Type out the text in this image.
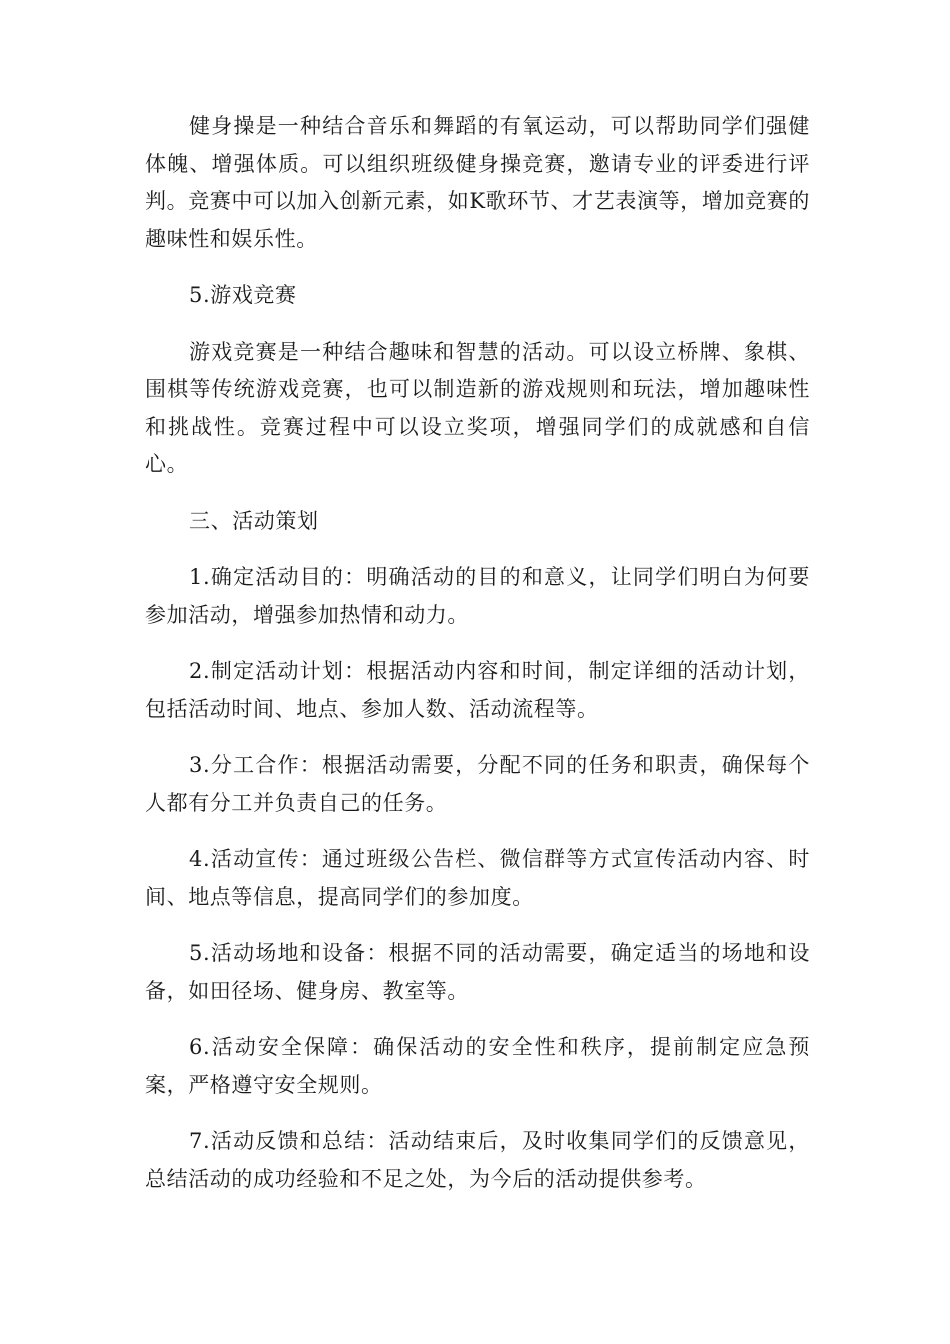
健身操是一种结合音乐和舞蹈的有氧运动，可以帮助同学们强健体魄、增强体质。可以组织班级健身操竞赛，邀请专业的评委进行评判。竞赛中可以加入创新元素，如K歌环节、才艺表演等，增加竞赛的趣味性和娱乐性。

5.游戏竞赛

游戏竞赛是一种结合趣味和智慧的活动。可以设立桥牌、象棋、围棋等传统游戏竞赛，也可以制造新的游戏规则和玩法，增加趣味性和挑战性。竞赛过程中可以设立奖项，增强同学们的成就感和自信心。

三、活动策划

1.确定活动目的：明确活动的目的和意义，让同学们明白为何要参加活动，增强参加热情和动力。

2.制定活动计划：根据活动内容和时间，制定详细的活动计划，包括活动时间、地点、参加人数、活动流程等。

3.分工合作：根据活动需要，分配不同的任务和职责，确保每个人都有分工并负责自己的任务。

4.活动宣传：通过班级公告栏、微信群等方式宣传活动内容、时间、地点等信息，提高同学们的参加度。

5.活动场地和设备：根据不同的活动需要，确定适当的场地和设备，如田径场、健身房、教室等。

6.活动安全保障：确保活动的安全性和秩序，提前制定应急预案，严格遵守安全规则。

7.活动反馈和总结：活动结束后，及时收集同学们的反馈意见，总结活动的成功经验和不足之处，为今后的活动提供参考。
